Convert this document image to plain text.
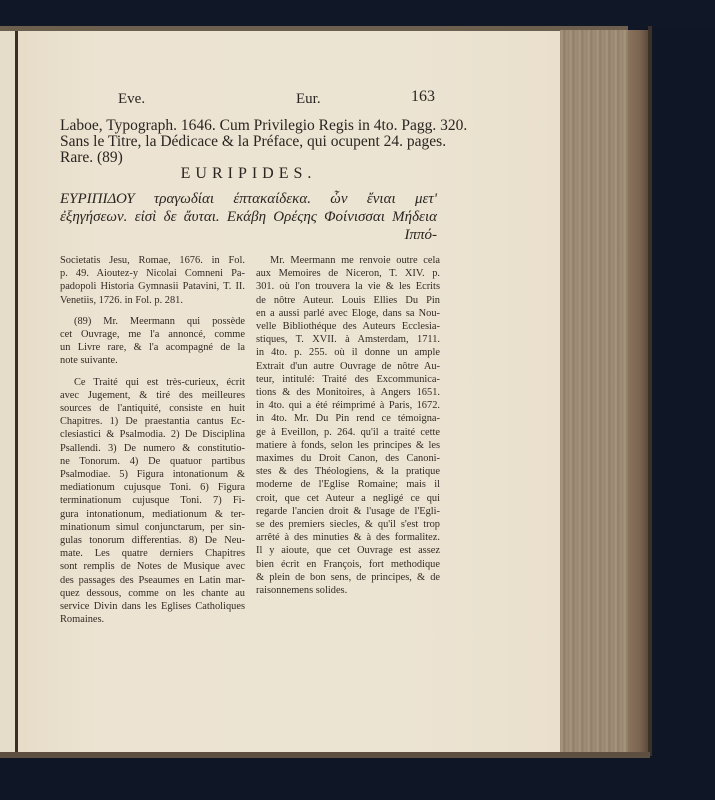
Eve.	Eur.	163
Laboe, Typograph. 1646. Cum Privilegio Regis in 4to. Pagg. 320.
Sans le Titre, la Dédicace & la Préface, qui ocupent 24. pages.
Rare. (89)
EURIPIDES.
ΕΥΡΙΠΙΔΟΥ τραγωδίαι έπτακαίδεκα. ὧν ἔνιαι μετ'
ἐξηγήσεων. εἰσὶ δε ἄυται. Εκάβη Ορέςης Φοίνισσαι Μήδεια
Ιππό-
Societatis Jesu, Romae, 1676. in Fol.
p. 49. Aioutez-y Nicolai Comneni Pa-
padopoli Historia Gymnasii Patavini, T. II.
Venetiis, 1726. in Fol. p. 281.
(89) Mr. Meermann qui possède
cet Ouvrage, me l'a annoncé, comme
un Livre rare, & l'a acompagné de la
note suivante.
Ce Traité qui est très-curieux, écrit
avec Jugement, & tiré des meilleures
sources de l'antiquité, consiste en huit
Chapitres. 1) De praestantia cantus Ec-
clesiastici & Psalmodia. 2) De Disciplina
Psallendi. 3) De numero & constitutio-
ne Tonorum. 4) De quatuor partibus
Psalmodiae. 5) Figura intonationum &
mediationum cujusque Toni. 6) Figura
terminationum cujusque Toni. 7) Fi-
gura intonationum, mediationum & ter-
minationum simul conjunctarum, per sin-
gulas tonorum differentias. 8) De Neu-
mate. Les quatre derniers Chapitres
sont remplis de Notes de Musique avec
des passages des Pseaumes en Latin mar-
quez dessous, comme on les chante au
service Divin dans les Eglises Catholiques
Romaines.
Mr. Meermann me renvoie outre cela
aux Memoires de Niceron, T. XIV. p.
301. où l'on trouvera la vie & les Ecrits
de nôtre Auteur. Louis Ellies Du Pin
en a aussi parlé avec Eloge, dans sa Nou-
velle Bibliothéque des Auteurs Ecclesia-
stiques, T. XVII. à Amsterdam, 1711.
in 4to. p. 255. où il donne un ample
Extrait d'un autre Ouvrage de nôtre Au-
teur, intitulé: Traité des Excommunica-
tions & des Monitoires, à Angers 1651.
in 4to. qui a été réimprimé à Paris, 1672.
in 4to. Mr. Du Pin rend ce témoigna-
ge à Eveillon, p. 264. qu'il a traité cette
matiere à fonds, selon les principes & les
maximes du Droit Canon, des Canoni-
stes & des Théologiens, & la pratique
moderne de l'Eglise Romaine; mais il
croit, que cet Auteur a negligé ce qui
regarde l'ancien droit & l'usage de l'Egli-
se des premiers siecles, & qu'il s'est trop
arrêté à des minuties & à des formalitez.
Il y aioute, que cet Ouvrage est assez
bien écrit en François, fort methodique
& plein de bon sens, de principes, & de
raisonnemens solides.
